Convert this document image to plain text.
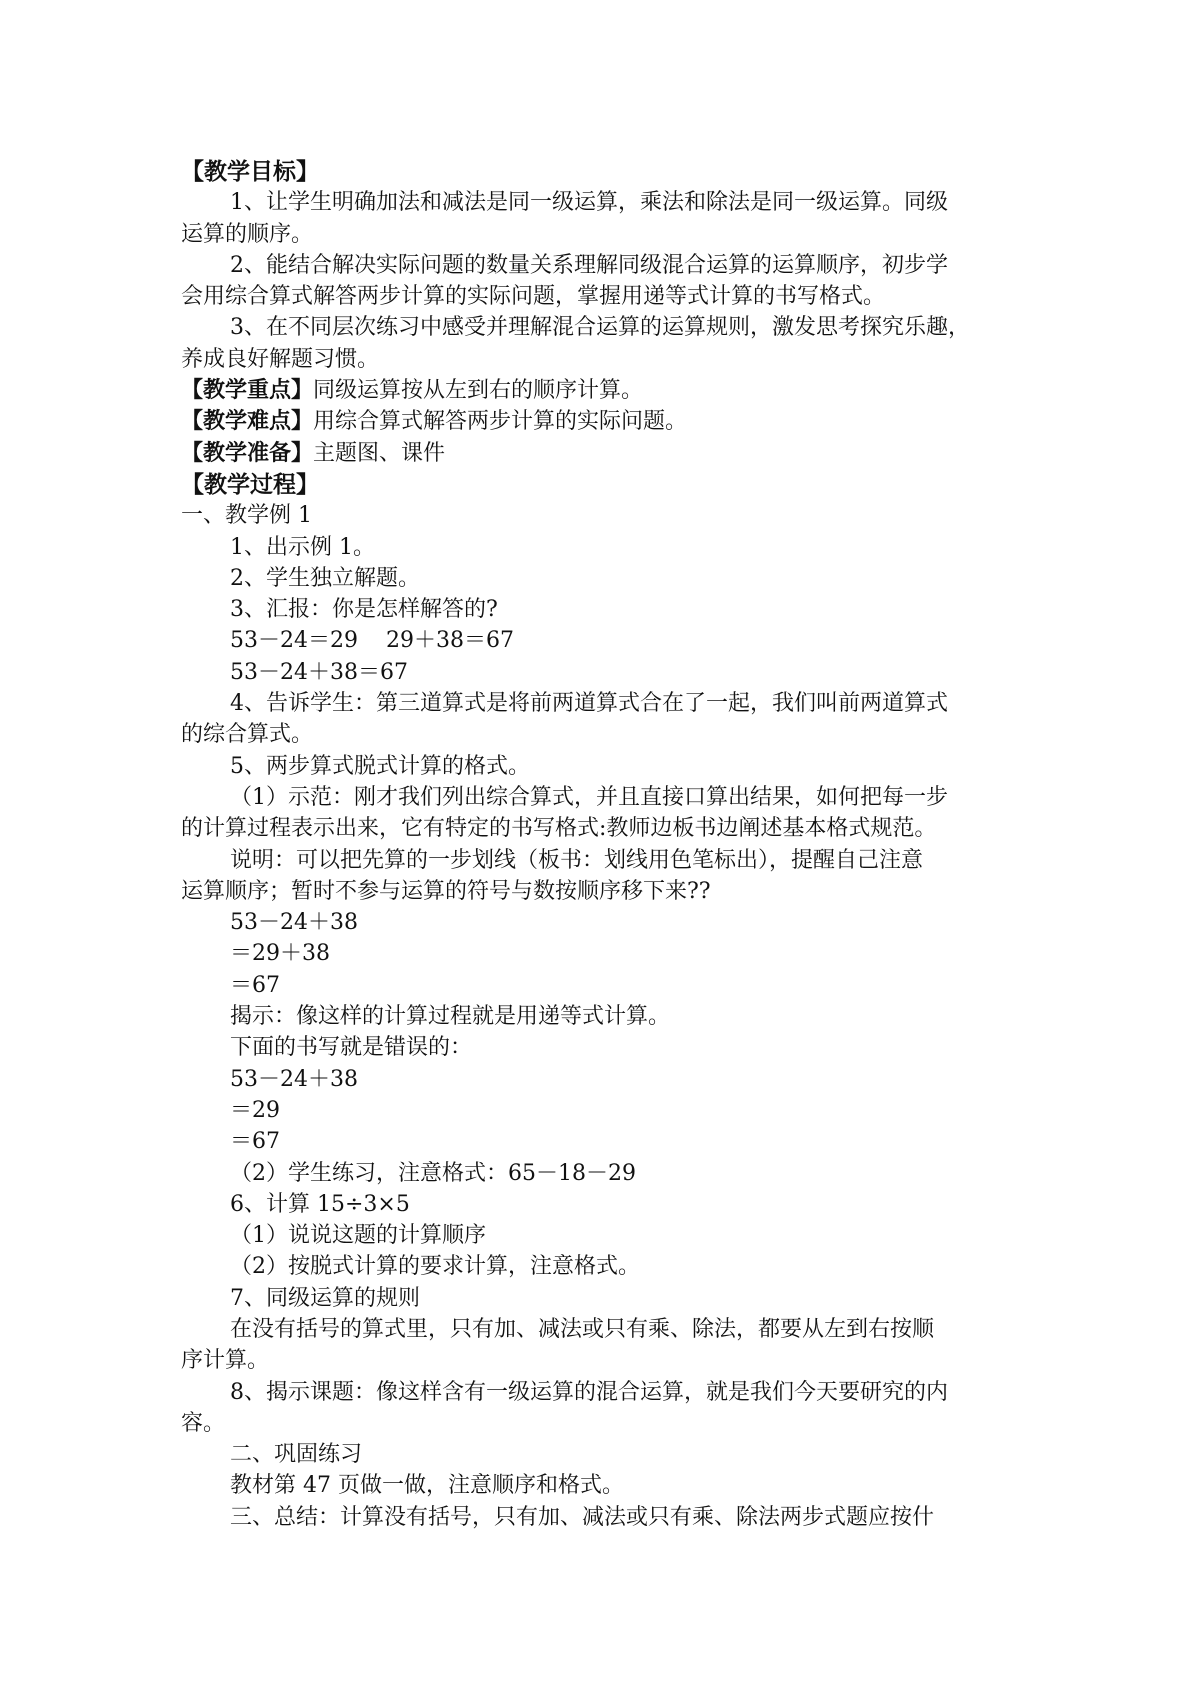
【教学目标】
1、让学生明确加法和减法是同一级运算，乘法和除法是同一级运算。同级
运算的顺序。
2、能结合解决实际问题的数量关系理解同级混合运算的运算顺序，初步学
会用综合算式解答两步计算的实际问题，掌握用递等式计算的书写格式。
3、在不同层次练习中感受并理解混合运算的运算规则，激发思考探究乐趣，
养成良好解题习惯。
【教学重点】同级运算按从左到右的顺序计算。
【教学难点】用综合算式解答两步计算的实际问题。
【教学准备】主题图、课件
【教学过程】
一、教学例 1
1、出示例 1。
2、学生独立解题。
3、汇报：你是怎样解答的?
53－24＝29 29＋38＝67
53－24＋38＝67
4、告诉学生：第三道算式是将前两道算式合在了一起，我们叫前两道算式
的综合算式。
5、两步算式脱式计算的格式。
（1）示范：刚才我们列出综合算式，并且直接口算出结果，如何把每一步
的计算过程表示出来，它有特定的书写格式:教师边板书边阐述基本格式规范。
说明：可以把先算的一步划线（板书：划线用色笔标出），提醒自己注意
运算顺序；暂时不参与运算的符号与数按顺序移下来??
53－24＋38
＝29＋38
＝67
揭示：像这样的计算过程就是用递等式计算。
下面的书写就是错误的：
53－24＋38
＝29
＝67
（2）学生练习，注意格式：65－18－29
6、计算 15÷3×5
（1）说说这题的计算顺序
（2）按脱式计算的要求计算，注意格式。
7、同级运算的规则
在没有括号的算式里，只有加、减法或只有乘、除法，都要从左到右按顺
序计算。
8、揭示课题：像这样含有一级运算的混合运算，就是我们今天要研究的内
容。
二、巩固练习
教材第 47 页做一做，注意顺序和格式。
三、总结：计算没有括号，只有加、减法或只有乘、除法两步式题应按什
